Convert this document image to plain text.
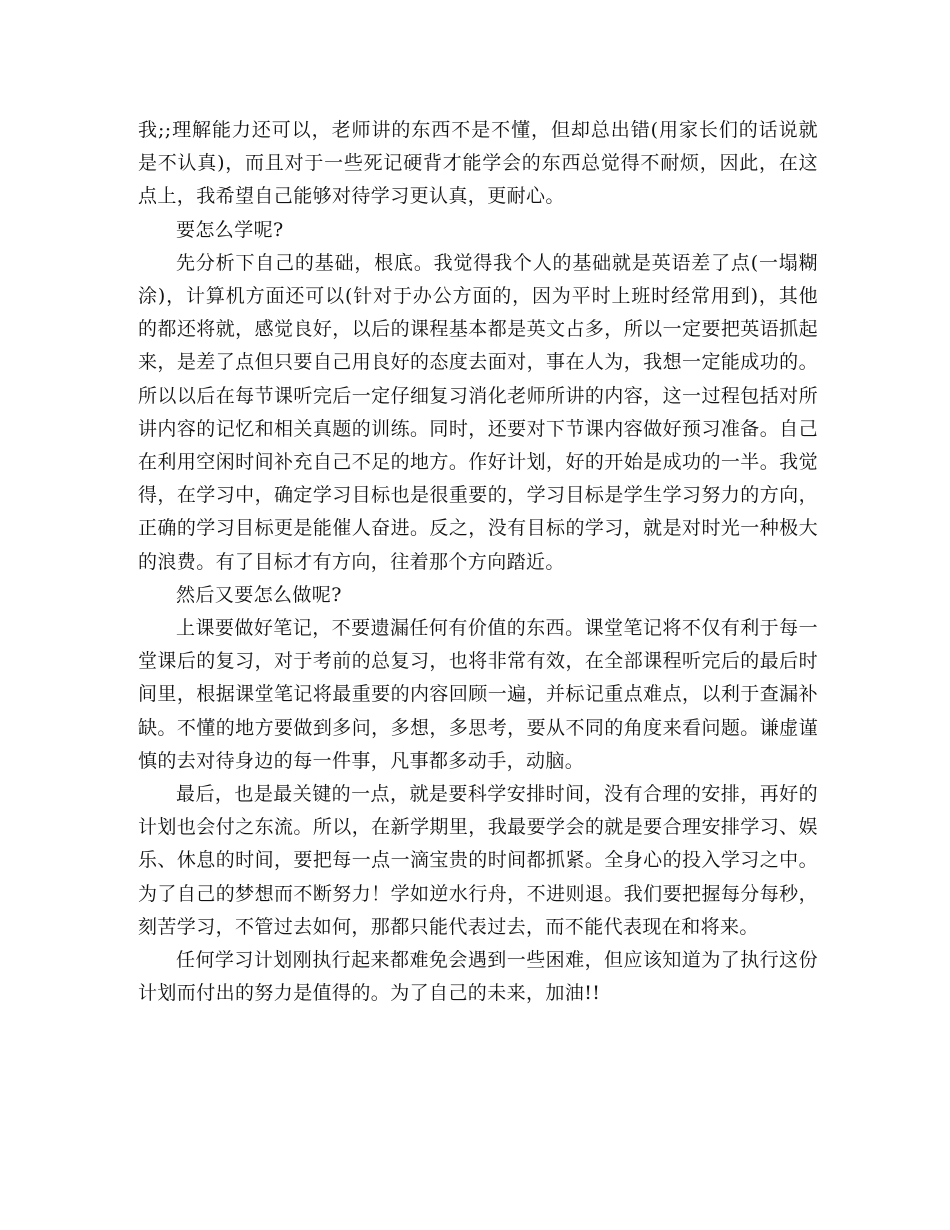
我;;理解能力还可以，老师讲的东西不是不懂，但却总出错(用家长们的话说就是不认真)，而且对于一些死记硬背才能学会的东西总觉得不耐烦，因此，在这点上，我希望自己能够对待学习更认真，更耐心。

要怎么学呢?

先分析下自己的基础，根底。我觉得我个人的基础就是英语差了点(一塌糊涂)，计算机方面还可以(针对于办公方面的，因为平时上班时经常用到)，其他的都还将就，感觉良好，以后的课程基本都是英文占多，所以一定要把英语抓起来，是差了点但只要自己用良好的态度去面对，事在人为，我想一定能成功的。所以以后在每节课听完后一定仔细复习消化老师所讲的内容，这一过程包括对所讲内容的记忆和相关真题的训练。同时，还要对下节课内容做好预习准备。自己在利用空闲时间补充自己不足的地方。作好计划，好的开始是成功的一半。我觉得，在学习中，确定学习目标也是很重要的，学习目标是学生学习努力的方向，正确的学习目标更是能催人奋进。反之，没有目标的学习，就是对时光一种极大的浪费。有了目标才有方向，往着那个方向踏近。

然后又要怎么做呢?

上课要做好笔记，不要遗漏任何有价值的东西。课堂笔记将不仅有利于每一堂课后的复习，对于考前的总复习，也将非常有效，在全部课程听完后的最后时间里，根据课堂笔记将最重要的内容回顾一遍，并标记重点难点，以利于查漏补缺。不懂的地方要做到多问，多想，多思考，要从不同的角度来看问题。谦虚谨慎的去对待身边的每一件事，凡事都多动手，动脑。

最后，也是最关键的一点，就是要科学安排时间，没有合理的安排，再好的计划也会付之东流。所以，在新学期里，我最要学会的就是要合理安排学习、娱乐、休息的时间，要把每一点一滴宝贵的时间都抓紧。全身心的投入学习之中。为了自己的梦想而不断努力！学如逆水行舟，不进则退。我们要把握每分每秒，刻苦学习，不管过去如何，那都只能代表过去，而不能代表现在和将来。

任何学习计划刚执行起来都难免会遇到一些困难，但应该知道为了执行这份计划而付出的努力是值得的。为了自己的未来，加油!!
